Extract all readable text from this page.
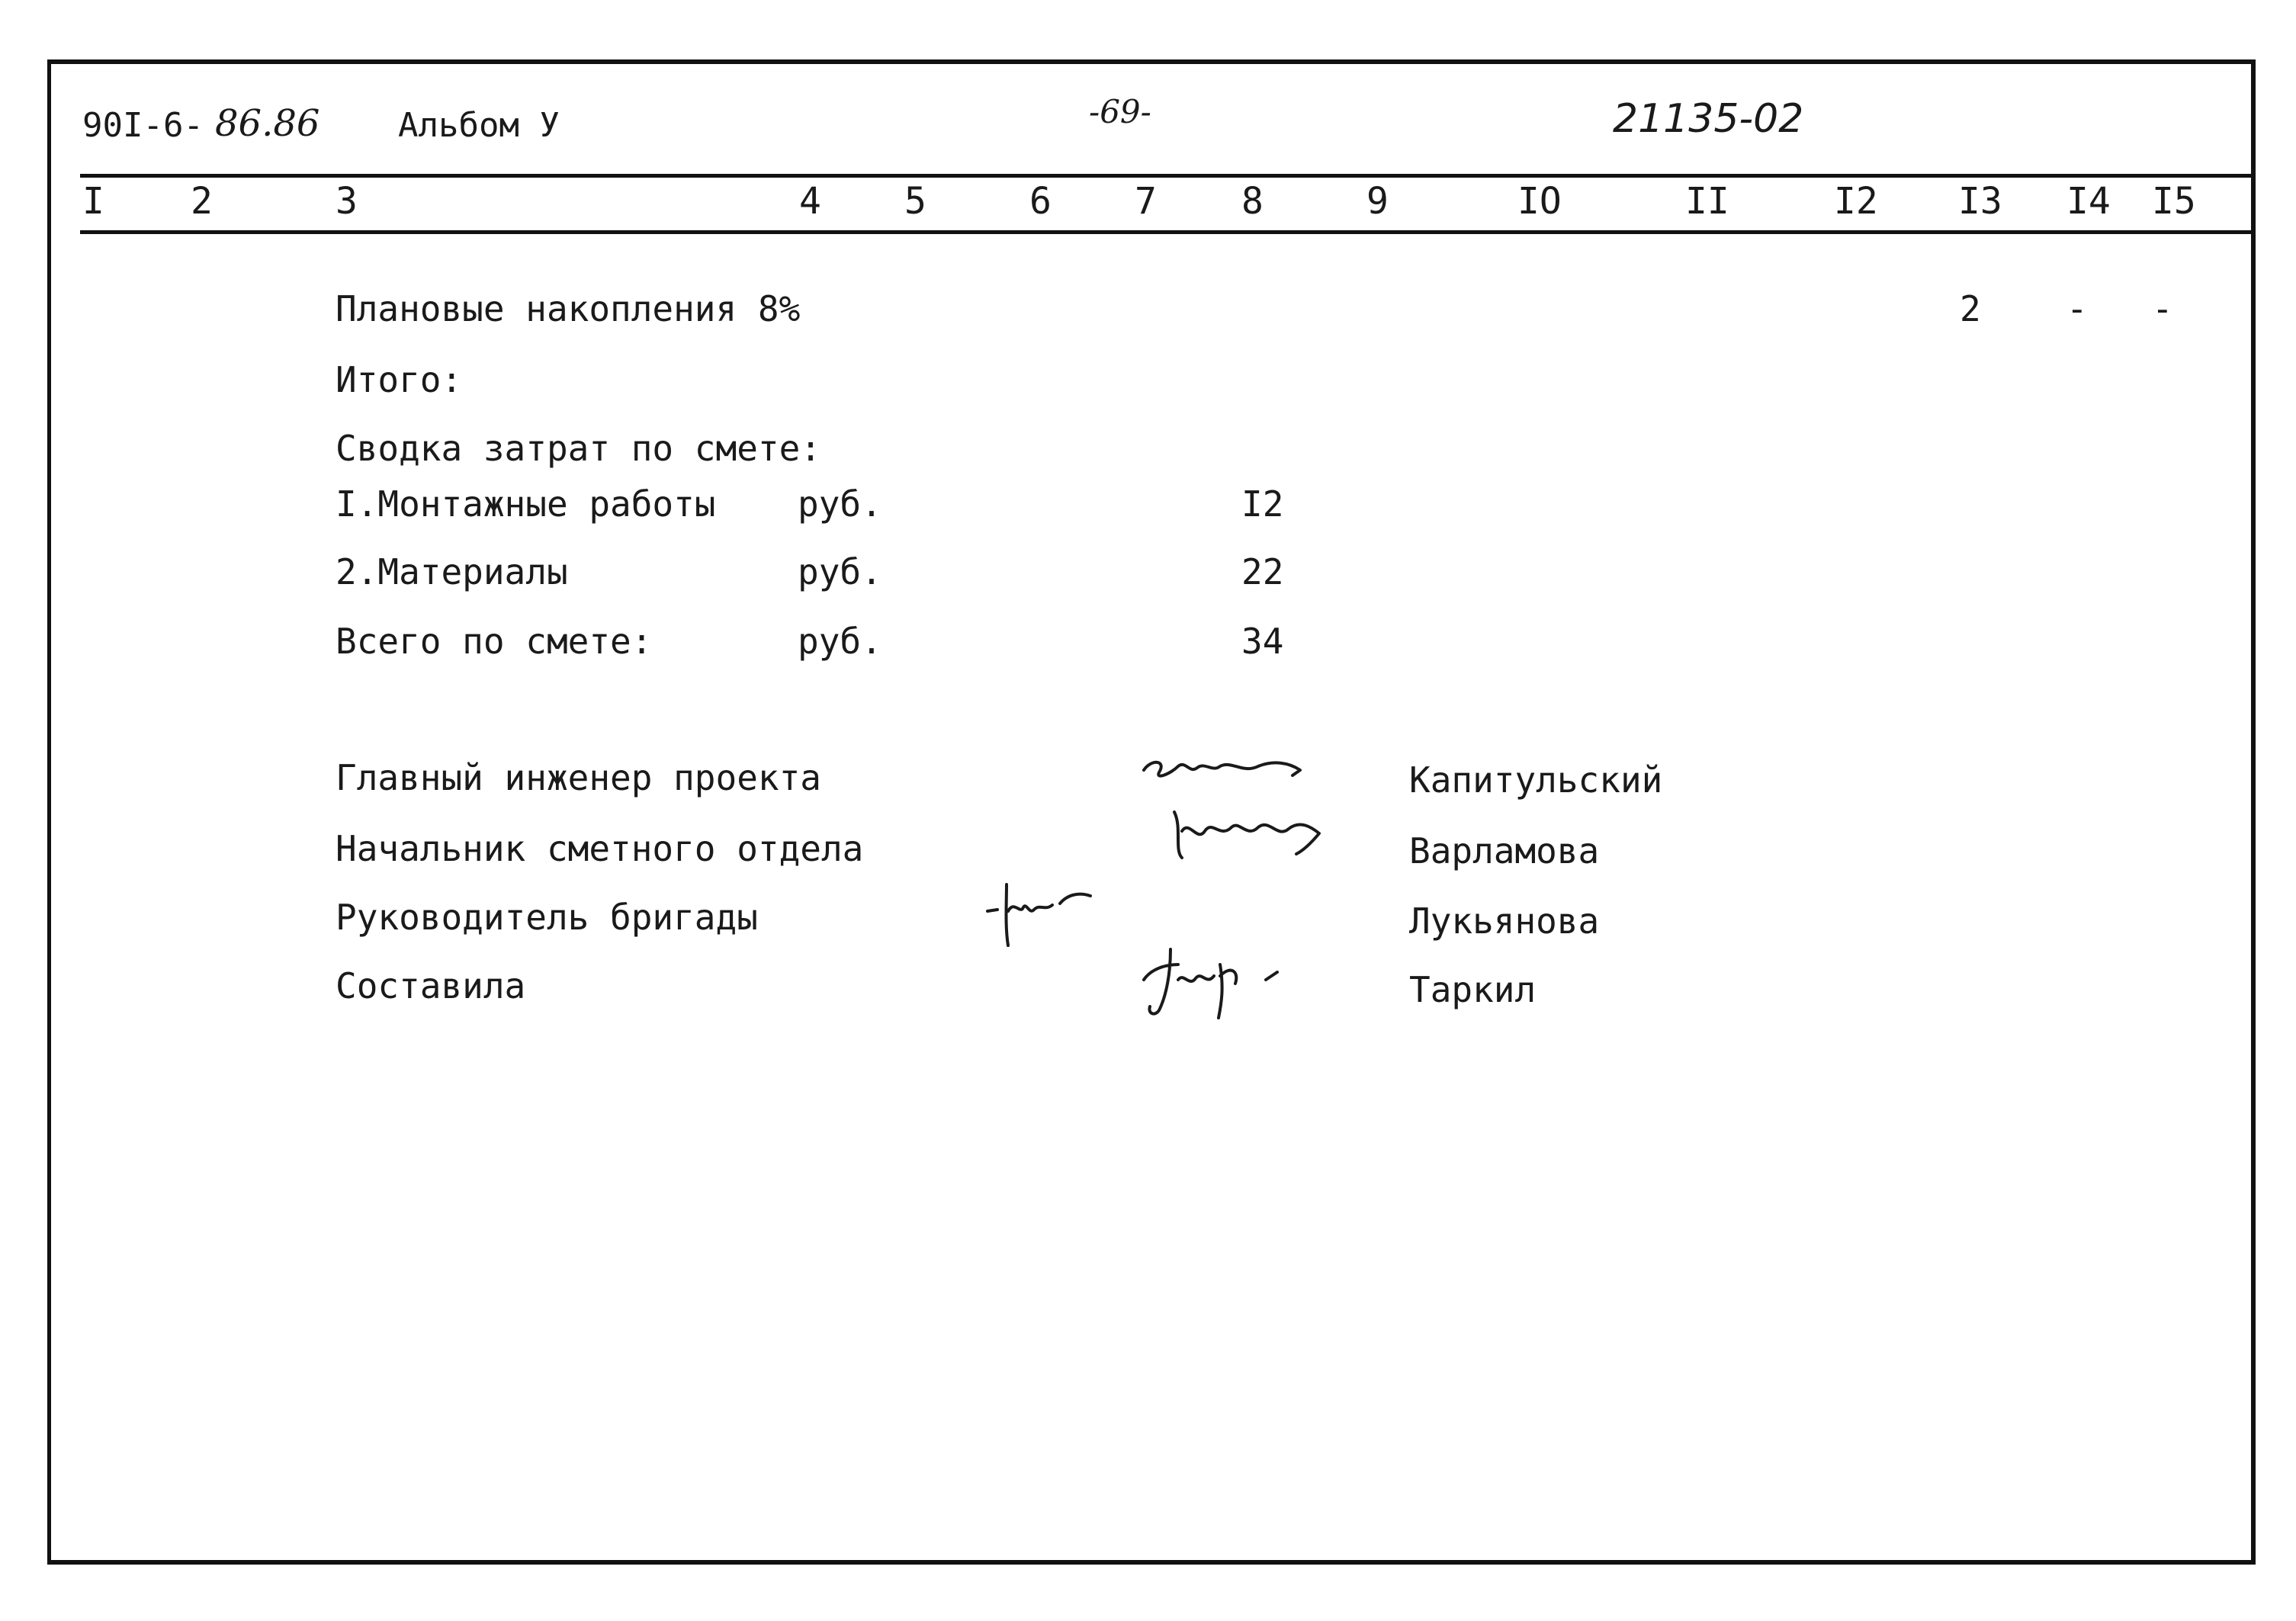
90I-6- 86.86 Альбом У	-69-	21135-02
I 2	3	4 5	6 7 8	9	IO	II	I2 I3 I4 I5
Плановые накопления 8%	2 - -
Итого:
Сводка затрат по смете:
I.Монтажные работы руб.	I2
2.Материалы	руб.	22
Всего по смете:	руб.	34
Главный инженер проекта	Капитульский
Начальник сметного отдела	Варламова
Руководитель бригады	Лукьянова
Составила	Таркил
